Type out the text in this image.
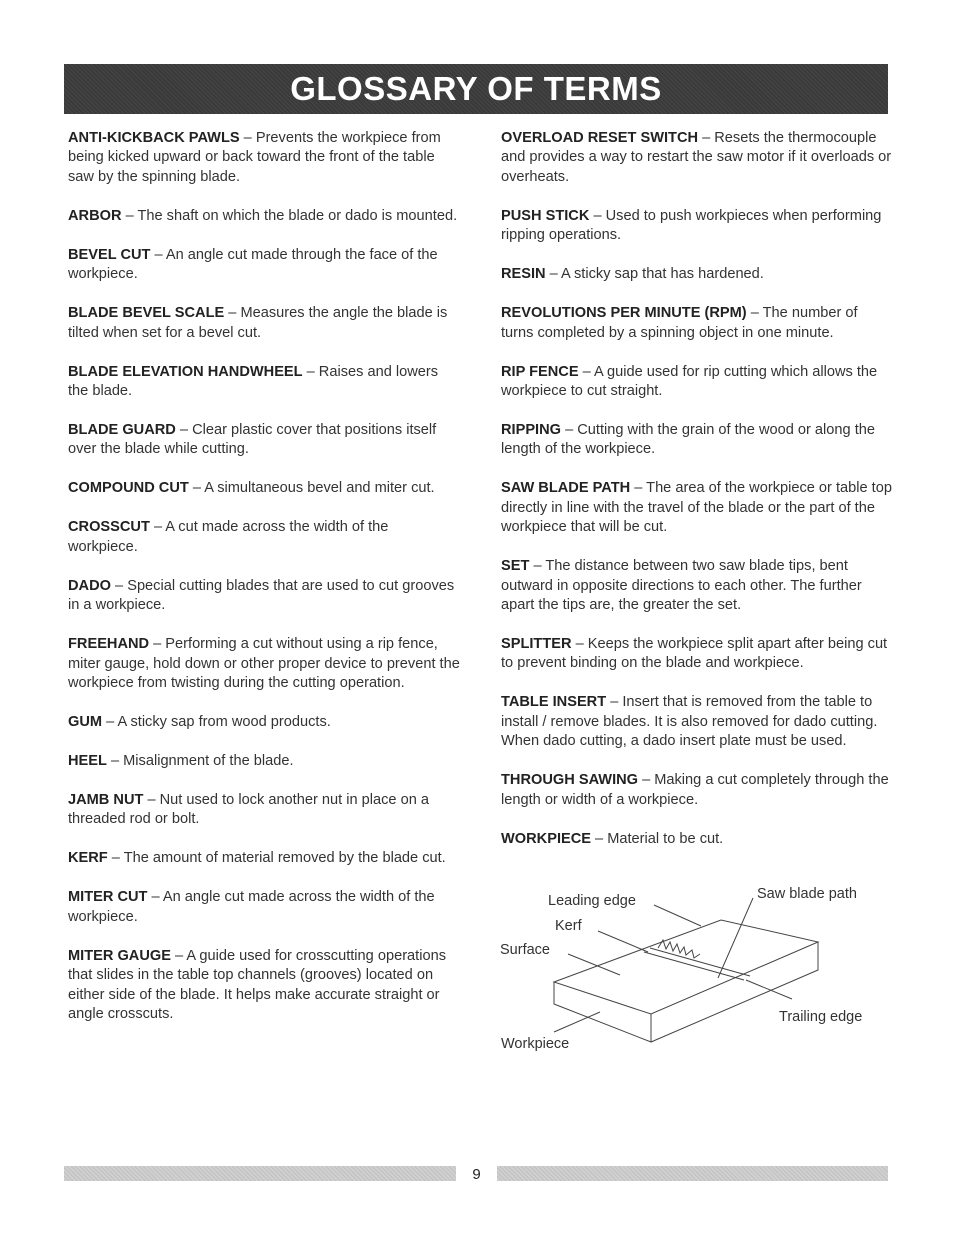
GLOSSARY OF TERMS

ANTI-KICKBACK PAWLS – Prevents the workpiece from being kicked upward or back toward the front of the table saw by the spinning blade.

ARBOR – The shaft on which the blade or dado is mounted.

BEVEL CUT – An angle cut made through the face of the workpiece.

BLADE BEVEL SCALE – Measures the angle the blade is tilted when set for a bevel cut.

BLADE ELEVATION HANDWHEEL – Raises and lowers the blade.

BLADE GUARD – Clear plastic cover that positions itself over the blade while cutting.

COMPOUND CUT – A simultaneous bevel and miter cut.

CROSSCUT – A cut made across the width of the workpiece.

DADO – Special cutting blades that are used to cut grooves in a workpiece.

FREEHAND – Performing a cut without using a rip fence, miter gauge, hold down or other proper device to prevent the workpiece from twisting during the cutting operation.

GUM – A sticky sap from wood products.

HEEL – Misalignment of the blade.

JAMB NUT – Nut used to lock another nut in place on a threaded rod or bolt.

KERF – The amount of material removed by the blade cut.

MITER CUT – An angle cut made across the width of the workpiece.

MITER GAUGE – A guide used for crosscutting operations that slides in the table top channels (grooves) located on either side of the blade. It helps make accurate straight or angle crosscuts.

OVERLOAD RESET SWITCH – Resets the thermocouple and provides a way to restart the saw motor if it overloads or overheats.

PUSH STICK – Used to push workpieces when performing ripping operations.

RESIN – A sticky sap that has hardened.

REVOLUTIONS PER MINUTE (RPM) – The number of turns completed by a spinning object in one minute.

RIP FENCE – A guide used for rip cutting which allows the workpiece to cut straight.

RIPPING – Cutting with the grain of the wood or along the length of the workpiece.

SAW BLADE PATH – The area of the workpiece or table top directly in line with the travel of the blade or the part of the workpiece that will be cut.

SET – The distance between two saw blade tips, bent outward in opposite directions to each other. The further apart the tips are, the greater the set.

SPLITTER – Keeps the workpiece split apart after being cut to prevent binding on the blade and workpiece.

TABLE INSERT – Insert that is removed from the table to install / remove blades. It is also removed for dado cutting. When dado cutting, a dado insert plate must be used.

THROUGH SAWING – Making a cut completely through the length or width of a workpiece.

WORKPIECE – Material to be cut.

Leading edge	Saw blade path
Kerf
Surface
Trailing edge
Workpiece
9
